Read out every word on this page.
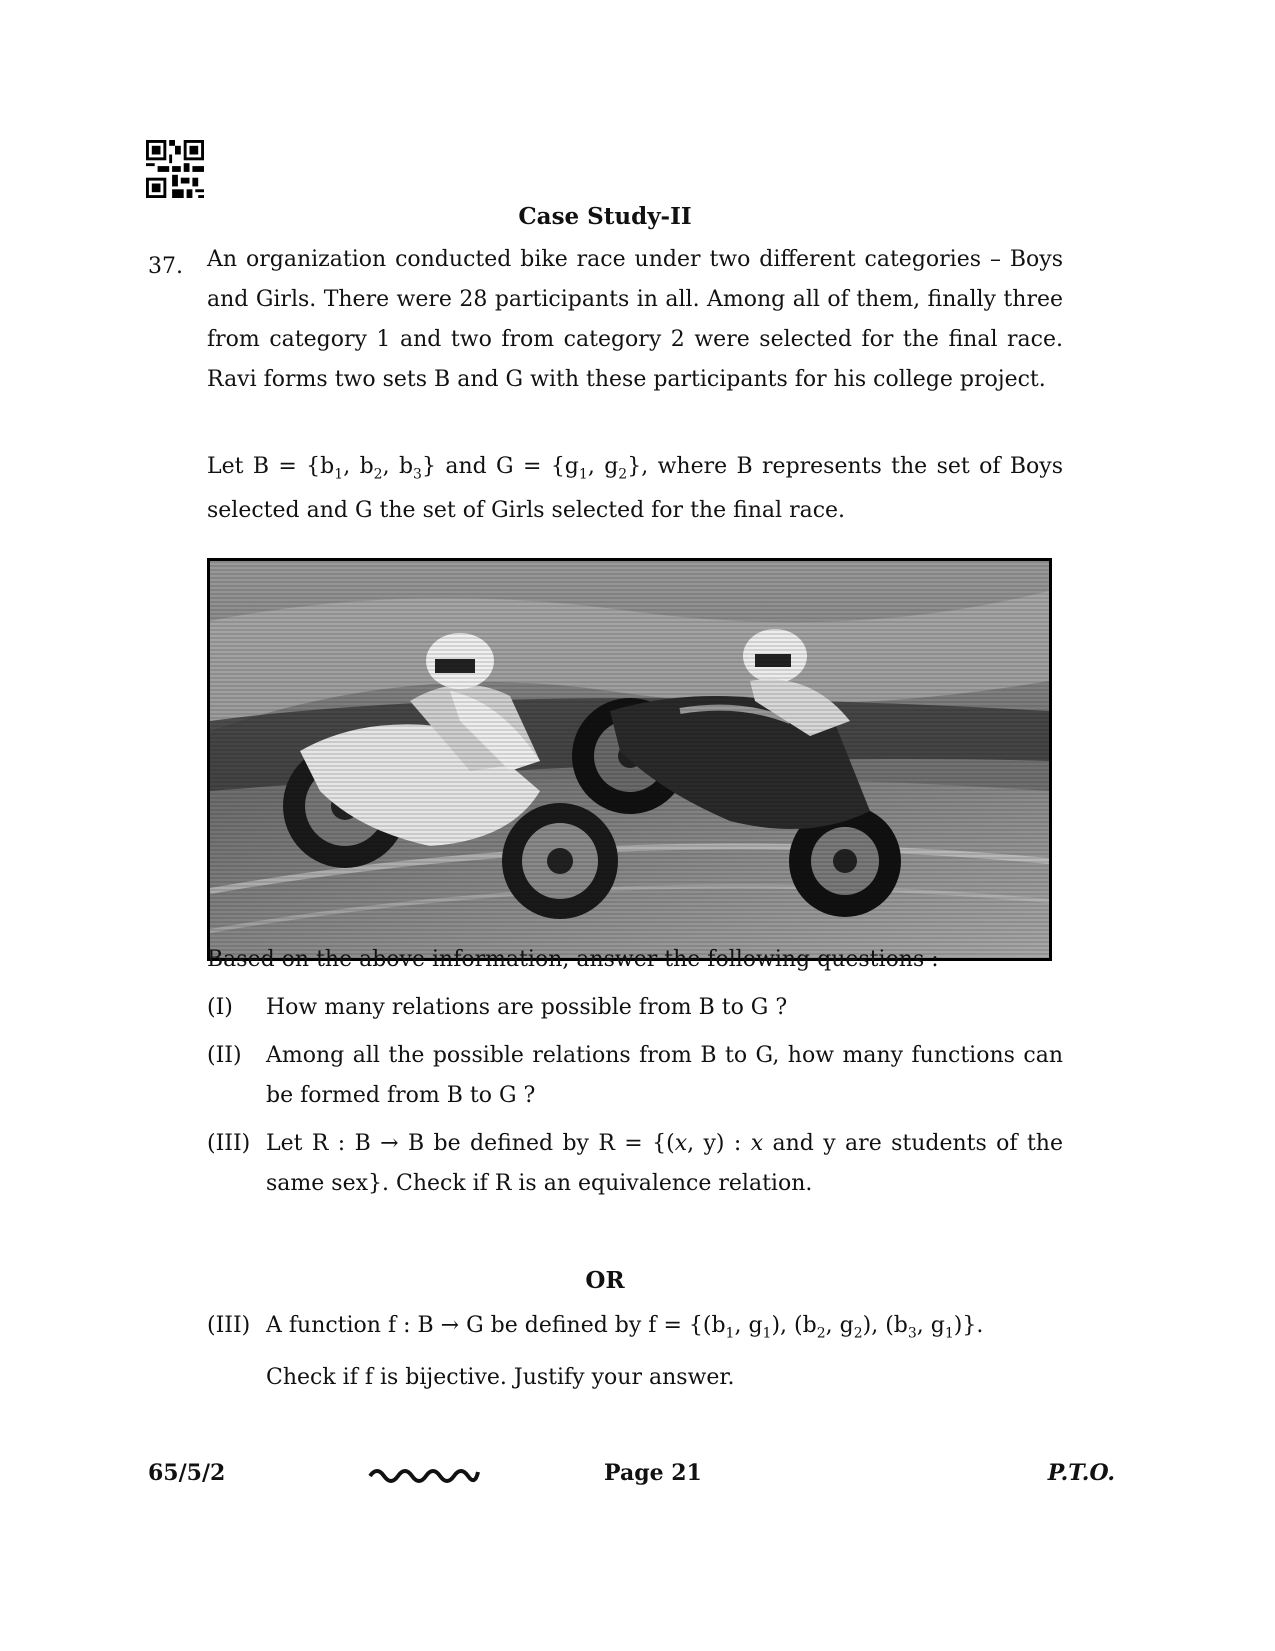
Case Study-II
37. An organization conducted bike race under two different categories – Boys and Girls. There were 28 participants in all. Among all of them, finally three from category 1 and two from category 2 were selected for the final race. Ravi forms two sets B and G with these participants for his college project.
Let $B = \{b_1$, $b_2$, $b_3$} and $G = \{g_1$, $g_2$}, where B represents the set of Boys selected and G the set of Girls selected for the final race.
Based on the above information, answer the following questions :
(I) How many relations are possible from B to G ?
(II) Among all the possible relations from B to G, how many functions can be formed from B to G ?
(III) Let R : B → B be defined by R = {(x, y) : x and y are students of the same sex}. Check if R is an equivalence relation.
OR
(III) A function f : B → G be defined by $f = \{(b_1$, $g_1$), ($b_2$, $g_2$), ($b_3$, $g_1$)}.
Check if f is bijective. Justify your answer.
65/5/2	Page 21	P.T.O.
